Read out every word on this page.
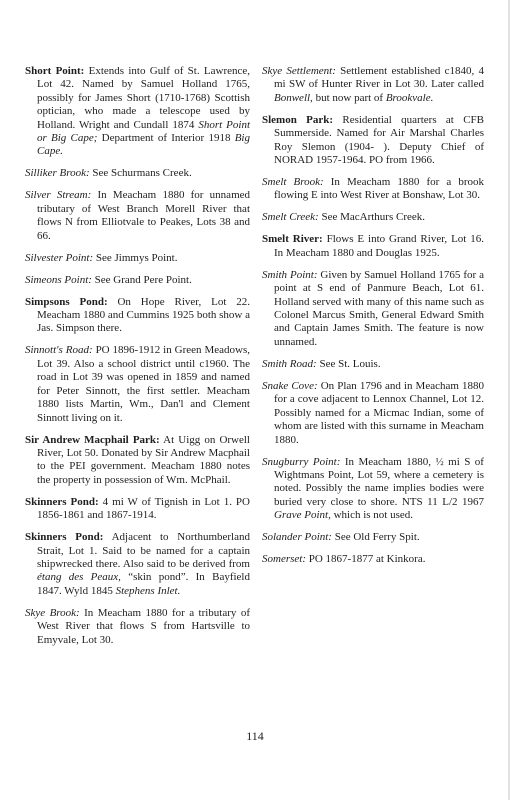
Short Point: Extends into Gulf of St. Lawrence, Lot 42. Named by Samuel Holland 1765, possibly for James Short (1710-1768) Scottish optician, who made a telescope used by Holland. Wright and Cundall 1874 Short Point or Big Cape; Department of Interior 1918 Big Cape.

Silliker Brook: See Schurmans Creek.

Silver Stream: In Meacham 1880 for unnamed tributary of West Branch Morell River that flows N from Elliotvale to Peakes, Lots 38 and 66.

Silvester Point: See Jimmys Point.

Simeons Point: See Grand Pere Point.

Simpsons Pond: On Hope River, Lot 22. Meacham 1880 and Cummins 1925 both show a Jas. Simpson there.

Sinnott's Road: PO 1896-1912 in Green Meadows, Lot 39. Also a school district until c1960. The road in Lot 39 was opened in 1859 and named for Peter Sinnott, the first settler. Meacham 1880 lists Martin, Wm., Dan'l and Clement Sinnott living on it.

Sir Andrew Macphail Park: At Uigg on Orwell River, Lot 50. Donated by Sir Andrew Macphail to the PEI government. Meacham 1880 notes the property in possession of Wm. McPhail.

Skinners Pond: 4 mi W of Tignish in Lot 1. PO 1856-1861 and 1867-1914.

Skinners Pond: Adjacent to Northumberland Strait, Lot 1. Said to be named for a captain shipwrecked there. Also said to be derived from étang des Peaux, “skin pond”. In Bayfield 1847. Wyld 1845 Stephens Inlet.

Skye Brook: In Meacham 1880 for a tributary of West River that flows S from Hartsville to Emyvale, Lot 30.

Skye Settlement: Settlement established c1840, 4 mi SW of Hunter River in Lot 30. Later called Bonwell, but now part of Brookvale.

Slemon Park: Residential quarters at CFB Summerside. Named for Air Marshal Charles Roy Slemon (1904- ). Deputy Chief of NORAD 1957-1964. PO from 1966.

Smelt Brook: In Meacham 1880 for a brook flowing E into West River at Bonshaw, Lot 30.

Smelt Creek: See MacArthurs Creek.

Smelt River: Flows E into Grand River, Lot 16. In Meacham 1880 and Douglas 1925.

Smith Point: Given by Samuel Holland 1765 for a point at S end of Panmure Beach, Lot 61. Holland served with many of this name such as Colonel Marcus Smith, General Edward Smith and Captain James Smith. The feature is now unnamed.

Smith Road: See St. Louis.

Snake Cove: On Plan 1796 and in Meacham 1880 for a cove adjacent to Lennox Channel, Lot 12. Possibly named for a Micmac Indian, some of whom are listed with this surname in Meacham 1880.

Snugburry Point: In Meacham 1880, ½ mi S of Wightmans Point, Lot 59, where a cemetery is noted. Possibly the name implies bodies were buried very close to shore. NTS 11 L/2 1967 Grave Point, which is not used.

Solander Point: See Old Ferry Spit.

Somerset: PO 1867-1877 at Kinkora.

114
